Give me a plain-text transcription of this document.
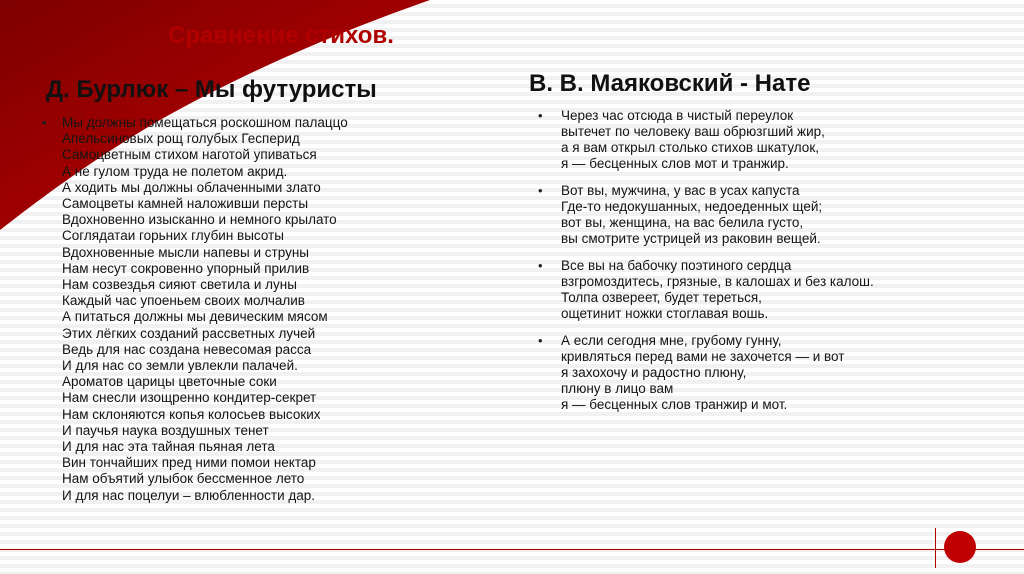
Сравнение стихов.
Д. Бурлюк – Мы футуристы	В. В. Маяковский - Нате
• Мы должны помещаться роскошном палаццо
Апельсиновых рощ голубых Гесперид
Самоцветным стихом наготой упиваться
А не гулом труда не полетом акрид.
А ходить мы должны облаченными злато
Самоцветы камней наложивши персты
Вдохновенно изысканно и немного крылато
Соглядатаи горьних глубин высоты
Вдохновенные мысли напевы и струны
Нам несут сокровенно упорный прилив
Нам созвездья сияют светила и луны
Каждый час упоеньем своих молчалив
А питаться должны мы девическим мясом
Этих лёгких созданий рассветных лучей
Ведь для нас создана невесомая расса
И для нас со земли увлекли палачей.
Ароматов царицы цветочные соки
Нам снесли изощренно кондитер-секрет
Нам склоняются копья колосьев высоких
И паучья наука воздушных тенет
И для нас эта тайная пьяная лета
Вин тончайших пред ними помои нектар
Нам объятий улыбок бессменное лето
И для нас поцелуи – влюбленности дар.
• Через час отсюда в чистый переулок
вытечет по человеку ваш обрюзгший жир,
а я вам открыл столько стихов шкатулок,
я — бесценных слов мот и транжир.
• Вот вы, мужчина, у вас в усах капуста
Где-то недокушанных, недоеденных щей;
вот вы, женщина, на вас белила густо,
вы смотрите устрицей из раковин вещей.
• Все вы на бабочку поэтиного сердца
взгромоздитесь, грязные, в калошах и без калош.
Толпа озвереет, будет тереться,
ощетинит ножки стоглавая вошь.
• А если сегодня мне, грубому гунну,
кривляться перед вами не захочется — и вот
я захохочу и радостно плюну,
плюну в лицо вам
я — бесценных слов транжир и мот.
